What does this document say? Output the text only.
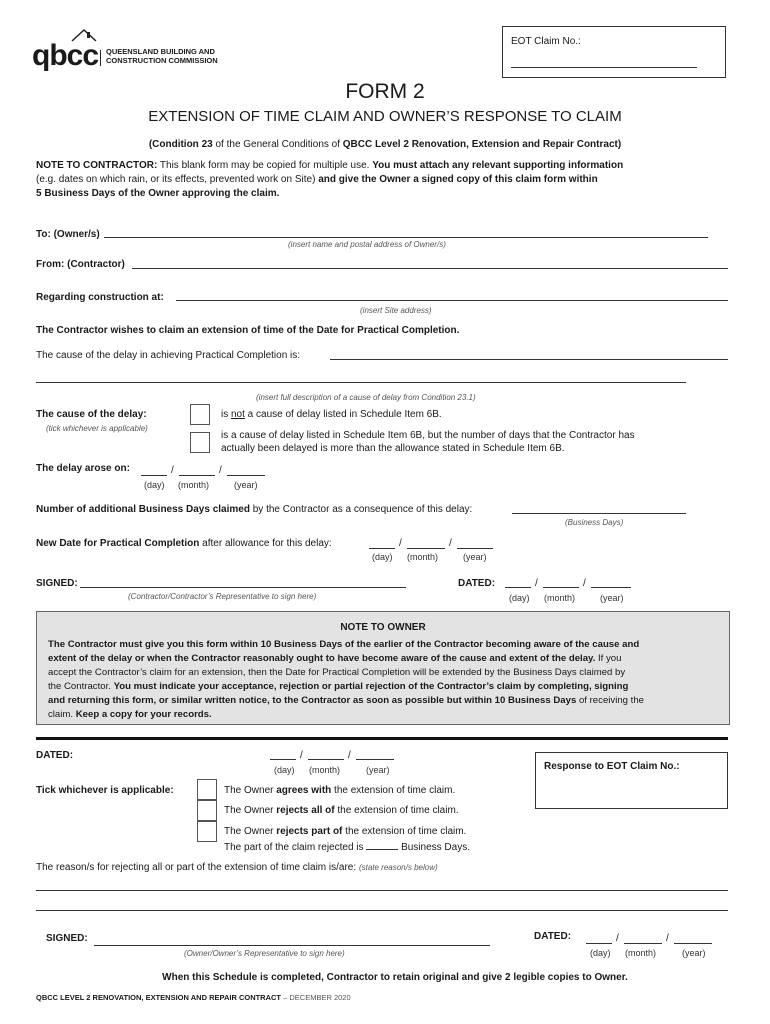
qbcc QUEENSLAND BUILDING AND
CONSTRUCTION COMMISSION
EOT Claim No.:
FORM 2
EXTENSION OF TIME CLAIM AND OWNER’S RESPONSE TO CLAIM
(Condition 23 of the General Conditions of QBCC Level 2 Renovation, Extension and Repair Contract)
NOTE TO CONTRACTOR: This blank form may be copied for multiple use. You must attach any relevant supporting information
(e.g. dates on which rain, or its effects, prevented work on Site) and give the Owner a signed copy of this claim form within
5 Business Days of the Owner approving the claim.
To: (Owner/s)
(insert name and postal address of Owner/s)
From: (Contractor)
Regarding construction at:
(insert Site address)
The Contractor wishes to claim an extension of time of the Date for Practical Completion.
The cause of the delay in achieving Practical Completion is:
(insert full description of a cause of delay from Condition 23.1)
The cause of the delay:
(tick whichever is applicable)
is not a cause of delay listed in Schedule Item 6B.
is a cause of delay listed in Schedule Item 6B, but the number of days that the Contractor has
actually been delayed is more than the allowance stated in Schedule Item 6B.
The delay arose on:	/	/
(day) (month)	(year)
Number of additional Business Days claimed by the Contractor as a consequence of this delay:
(Business Days)
New Date for Practical Completion after allowance for this delay:	/	/
(day) (month)	(year)
SIGNED:
(Contractor/Contractor’s Representative to sign here)
DATED:	/	/
(day) (month)	(year)
NOTE TO OWNER
The Contractor must give you this form within 10 Business Days of the earlier of the Contractor becoming aware of the cause and
extent of the delay or when the Contractor reasonably ought to have become aware of the cause and extent of the delay. If you
accept the Contractor’s claim for an extension, then the Date for Practical Completion will be extended by the Business Days claimed by
the Contractor. You must indicate your acceptance, rejection or partial rejection of the Contractor’s claim by completing, signing
and returning this form, or similar written notice, to the Contractor as soon as possible but within 10 Business Days of receiving the
claim. Keep a copy for your records.
DATED:	/	/
(day) (month)	(year)	Response to EOT Claim No.:
Tick whichever is applicable:	The Owner agrees with the extension of time claim.
The Owner rejects all of the extension of time claim.
The Owner rejects part of the extension of time claim.
The part of the claim rejected is	Business Days.
The reason/s for rejecting all or part of the extension of time claim is/are: (state reason/s below)
SIGNED:
(Owner/Owner’s Representative to sign here)
DATED:	/	/
(day) (month)	(year)
When this Schedule is completed, Contractor to retain original and give 2 legible copies to Owner.
QBCC LEVEL 2 RENOVATION, EXTENSION AND REPAIR CONTRACT – DECEMBER 2020
